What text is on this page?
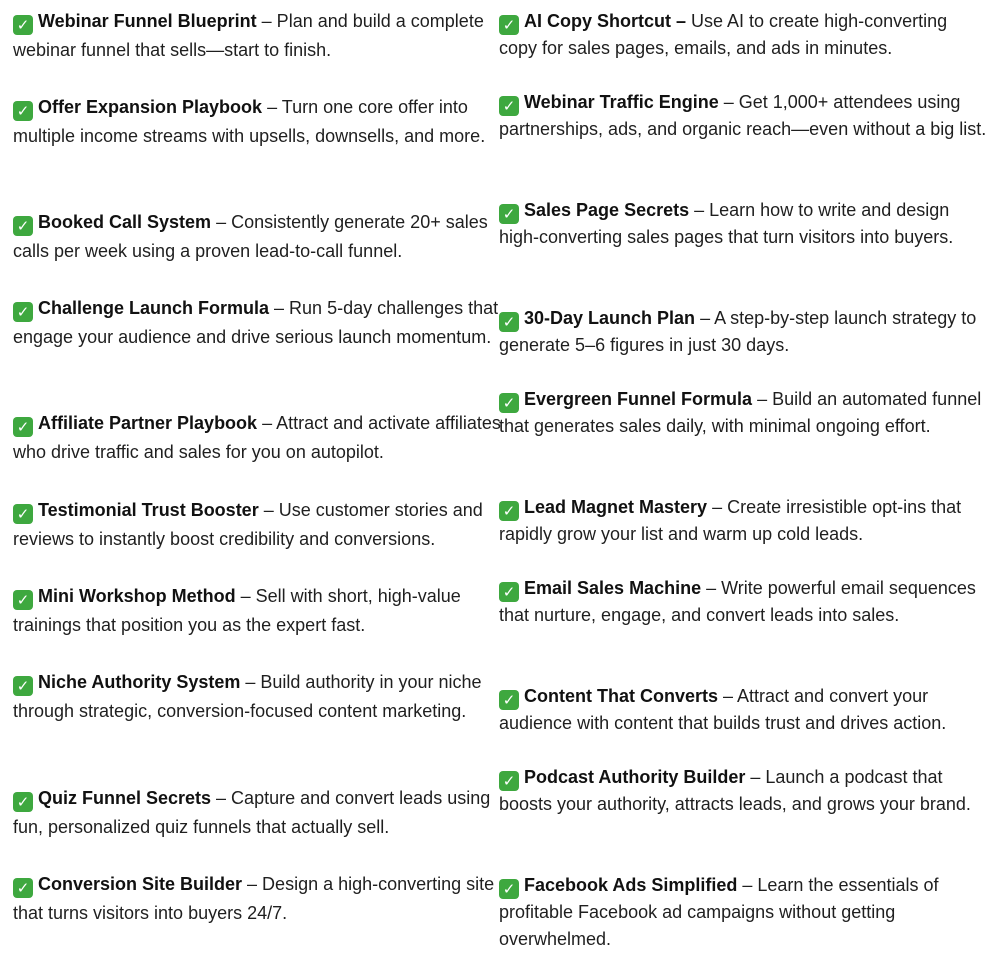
✓ Webinar Funnel Blueprint – Plan and build a complete webinar funnel that sells—start to finish.

✓ Offer Expansion Playbook – Turn one core offer into multiple income streams with upsells, downsells, and more.

✓ Booked Call System – Consistently generate 20+ sales calls per week using a proven lead-to-call funnel.

✓ Challenge Launch Formula – Run 5-day challenges that engage your audience and drive serious launch momentum.

✓ Affiliate Partner Playbook – Attract and activate affiliates who drive traffic and sales for you on autopilot.

✓ Testimonial Trust Booster – Use customer stories and reviews to instantly boost credibility and conversions.

✓ Mini Workshop Method – Sell with short, high-value trainings that position you as the expert fast.

✓ Niche Authority System – Build authority in your niche through strategic, conversion-focused content marketing.

✓ Quiz Funnel Secrets – Capture and convert leads using fun, personalized quiz funnels that actually sell.

✓ Conversion Site Builder – Design a high-converting site that turns visitors into buyers 24/7.

✓ AI Copy Shortcut – Use AI to create high-converting copy for sales pages, emails, and ads in minutes.

✓ Webinar Traffic Engine – Get 1,000+ attendees using partnerships, ads, and organic reach—even without a big list.

✓ Sales Page Secrets – Learn how to write and design high-converting sales pages that turn visitors into buyers.

✓ 30-Day Launch Plan – A step-by-step launch strategy to generate 5–6 figures in just 30 days.

✓ Evergreen Funnel Formula – Build an automated funnel that generates sales daily, with minimal ongoing effort.

✓ Lead Magnet Mastery – Create irresistible opt-ins that rapidly grow your list and warm up cold leads.

✓ Email Sales Machine – Write powerful email sequences that nurture, engage, and convert leads into sales.

✓ Content That Converts – Attract and convert your audience with content that builds trust and drives action.

✓ Podcast Authority Builder – Launch a podcast that boosts your authority, attracts leads, and grows your brand.

✓ Facebook Ads Simplified – Learn the essentials of profitable Facebook ad campaigns without getting overwhelmed.
